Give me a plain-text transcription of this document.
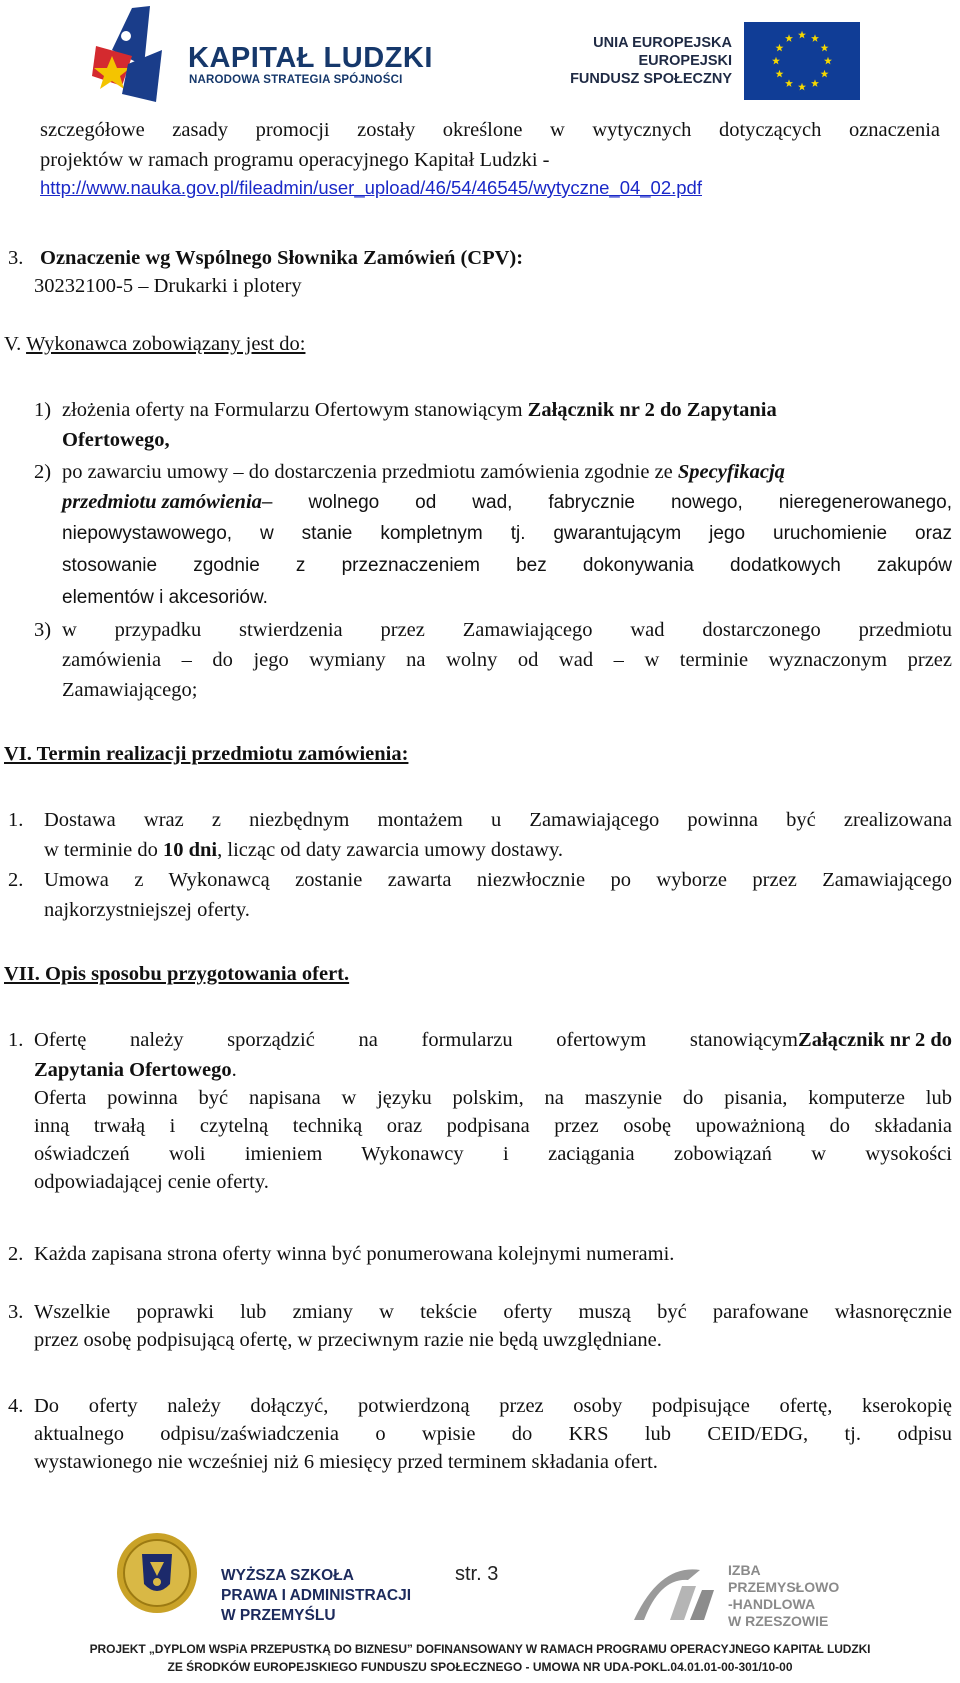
KAPITAŁ LUDZKI
NARODOWA STRATEGIA SPÓJNOŚCI
UNIA EUROPEJSKA
EUROPEJSKI
FUNDUSZ SPOŁECZNY
szczegółowe zasady promocji zostały określone w wytycznych dotyczących oznaczenia
projektów w ramach programu operacyjnego Kapitał Ludzki -
http://www.nauka.gov.pl/fileadmin/user_upload/46/54/46545/wytyczne_04_02.pdf
3. Oznaczenie wg Wspólnego Słownika Zamówień (CPV):
30232100-5 – Drukarki i plotery
V. Wykonawca zobowiązany jest do:
1) złożenia oferty na Formularzu Ofertowym stanowiącym Załącznik nr 2 do Zapytania
Ofertowego,
2) po zawarciu umowy – do dostarczenia przedmiotu zamówienia zgodnie ze Specyfikacją
przedmiotu zamówienia – wolnego od wad, fabrycznie nowego, nieregenerowanego,
niepowystawowego, w stanie kompletnym tj. gwarantującym jego uruchomienie oraz
stosowanie zgodnie z przeznaczeniem bez dokonywania dodatkowych zakupów
elementów i akcesoriów.
3) w przypadku stwierdzenia przez Zamawiającego wad dostarczonego przedmiotu
zamówienia – do jego wymiany na wolny od wad – w terminie wyznaczonym przez
Zamawiającego;
VI. Termin realizacji przedmiotu zamówienia:
1. Dostawa wraz z niezbędnym montażem u Zamawiającego powinna być zrealizowana
w terminie do 10 dni, licząc od daty zawarcia umowy dostawy.
2. Umowa z Wykonawcą zostanie zawarta niezwłocznie po wyborze przez Zamawiającego
najkorzystniejszej oferty.
VII. Opis sposobu przygotowania ofert.
1. Ofertę należy sporządzić na formularzu ofertowym stanowiącym Załącznik nr 2 do
Zapytania Ofertowego.
Oferta powinna być napisana w języku polskim, na maszynie do pisania, komputerze lub
inną trwałą i czytelną techniką oraz podpisana przez osobę upoważnioną do składania
oświadczeń woli imieniem Wykonawcy i zaciągania zobowiązań w wysokości
odpowiadającej cenie oferty.
2. Każda zapisana strona oferty winna być ponumerowana kolejnymi numerami.
3. Wszelkie poprawki lub zmiany w tekście oferty muszą być parafowane własnoręcznie
przez osobę podpisującą ofertę, w przeciwnym razie nie będą uwzględniane.
4. Do oferty należy dołączyć, potwierdzoną przez osoby podpisujące ofertę, kserokopię
aktualnego odpisu/zaświadczenia o wpisie do KRS lub CEID/EDG, tj. odpisu
wystawionego nie wcześniej niż 6 miesięcy przed terminem składania ofert.
str. 3
WYŻSZA SZKOŁA
PRAWA I ADMINISTRACJI
W PRZEMYŚLU
IZBA
PRZEMYSŁOWO
-HANDLOWA
W RZESZOWIE
PROJEKT „DYPLOM WSPiA PRZEPUSTKĄ DO BIZNESU” DOFINANSOWANY W RAMACH PROGRAMU OPERACYJNEGO KAPITAŁ LUDZKI
ZE ŚRODKÓW EUROPEJSKIEGO FUNDUSZU SPOŁECZNEGO - UMOWA NR UDA-POKL.04.01.01-00-301/10-00
